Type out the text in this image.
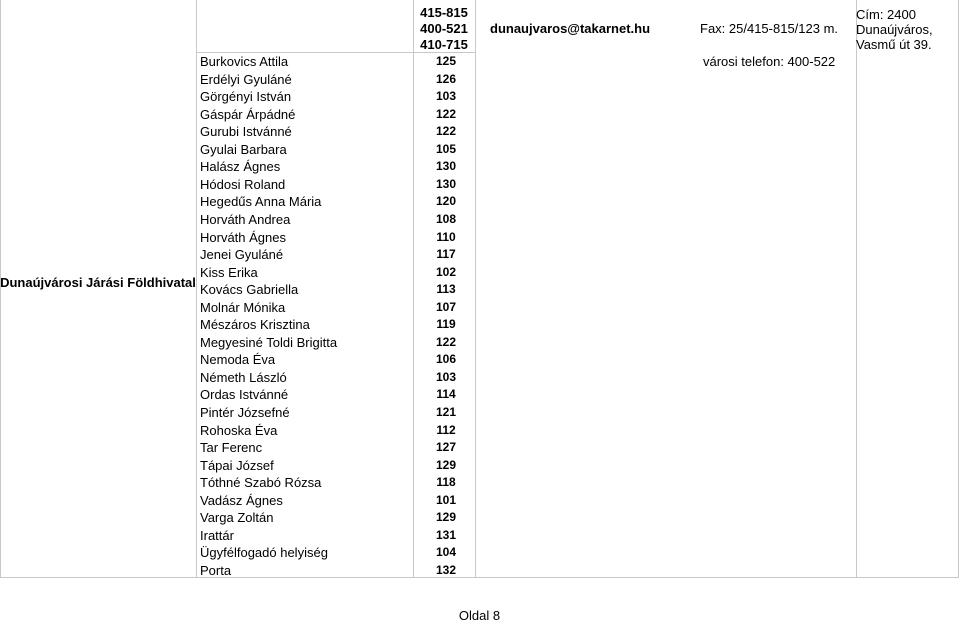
Dunaújvárosi Járási Földhivatal
415-815
400-521
410-715
dunaujvaros@takarnet.hu	Fax: 25/415-815/123 m.
Cím: 2400
Dunaújváros,
Vasmű út 39.
városi telefon: 400-522
Burkovics Attila	125
Erdélyi Gyuláné	126
Görgényi István	103
Gáspár Árpádné	122
Gurubi Istvánné	122
Gyulai Barbara	105
Halász Ágnes	130
Hódosi Roland	130
Hegedűs Anna Mária	120
Horváth Andrea	108
Horváth Ágnes	110
Jenei Gyuláné	117
Kiss Erika	102
Kovács Gabriella	113
Molnár Mónika	107
Mészáros Krisztina	119
Megyesiné Toldi Brigitta	122
Nemoda Éva	106
Németh László	103
Ordas Istvánné	114
Pintér Józsefné	121
Rohoska Éva	112
Tar Ferenc	127
Tápai József	129
Tóthné Szabó Rózsa	118
Vadász Ágnes	101
Varga Zoltán	129
Irattár	131
Ügyfélfogadó helyiség	104
Porta	132
Oldal 8
